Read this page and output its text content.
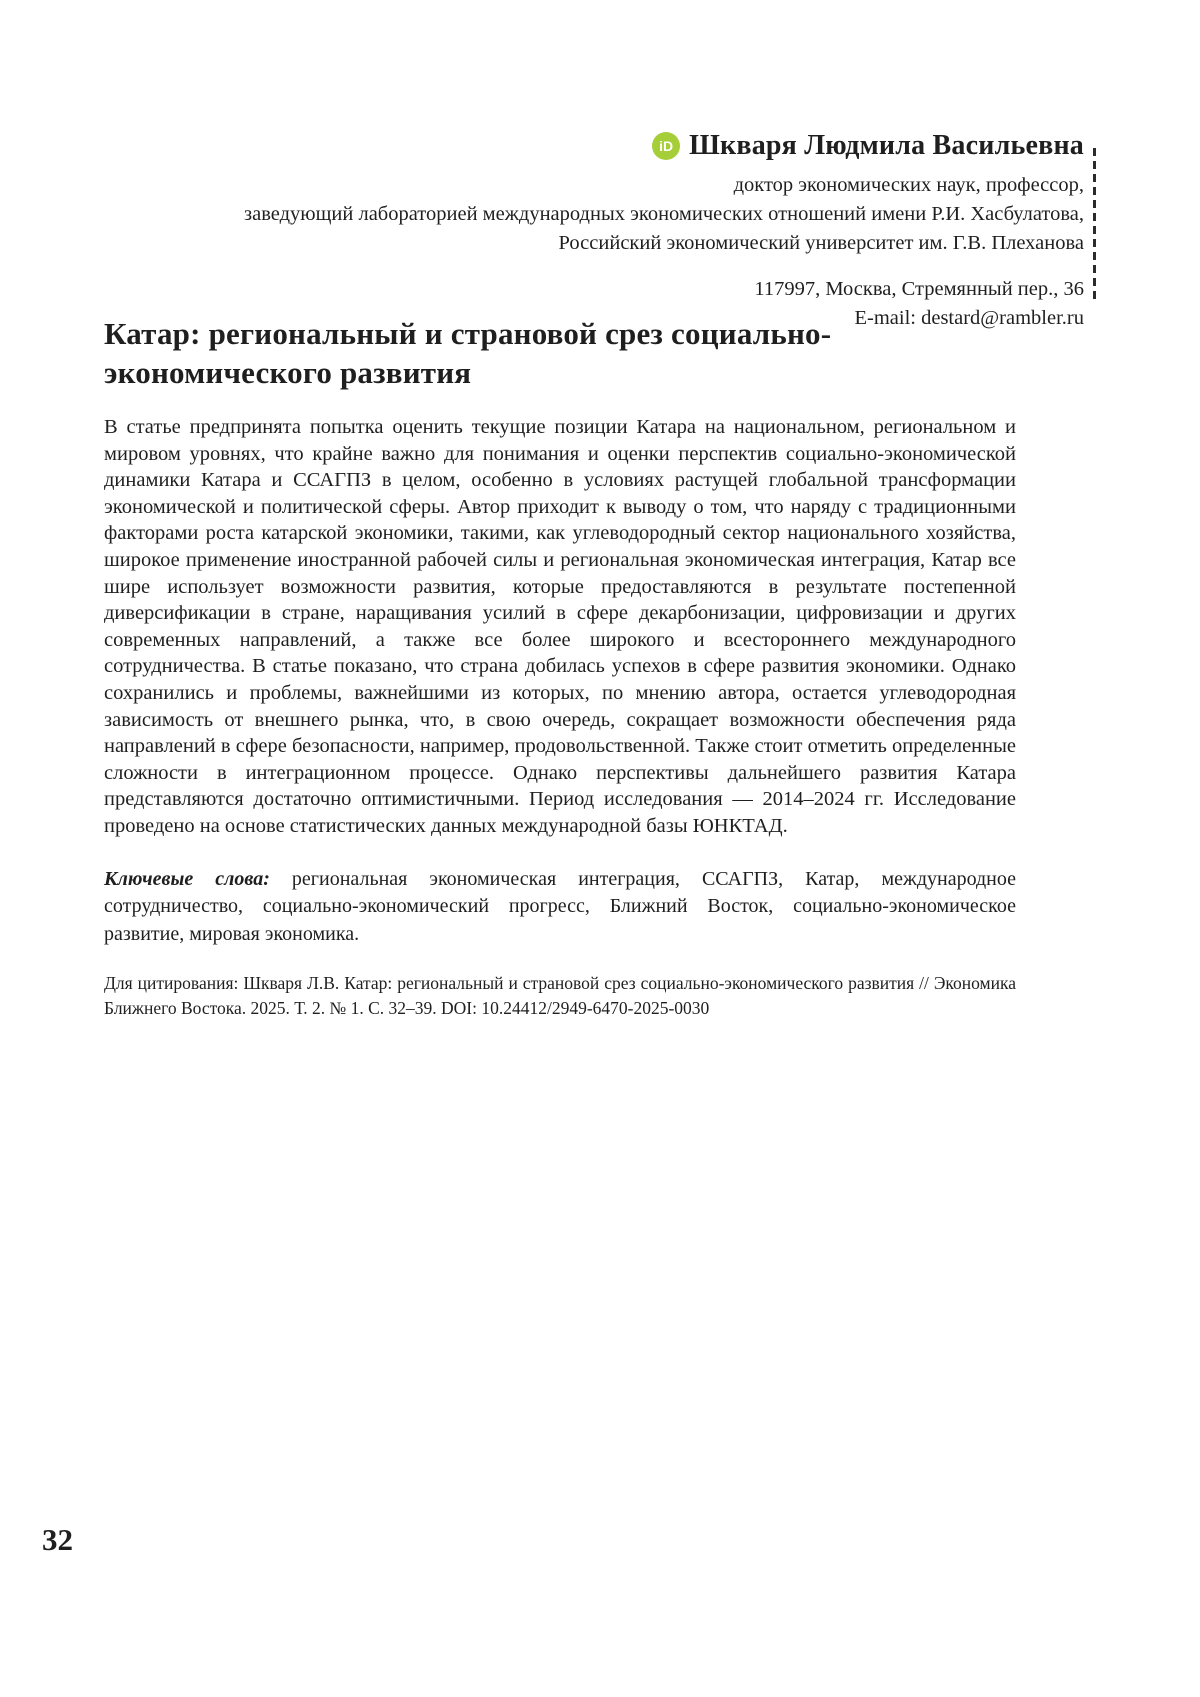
iD Шкваря Людмила Васильевна
доктор экономических наук, профессор,
заведующий лабораторией международных экономических отношений имени Р.И. Хасбулатова,
Российский экономический университет им. Г.В. Плеханова
117997, Москва, Стремянный пер., 36
E-mail: destard@rambler.ru
Катар: региональный и страновой срез социально-экономического развития

В статье предпринята попытка оценить текущие позиции Катара на национальном, региональном и мировом уровнях, что крайне важно для понимания и оценки перспектив социально-экономической динамики Катара и ССАГПЗ в целом, особенно в условиях растущей глобальной трансформации экономической и политической сферы. Автор приходит к выводу о том, что наряду с традиционными факторами роста катарской экономики, такими, как углеводородный сектор национального хозяйства, широкое применение иностранной рабочей силы и региональная экономическая интеграция, Катар все шире использует возможности развития, которые предоставляются в результате постепенной диверсификации в стране, наращивания усилий в сфере декарбонизации, цифровизации и других современных направлений, а также все более широкого и всестороннего международного сотрудничества. В статье показано, что страна добилась успехов в сфере развития экономики. Однако сохранились и проблемы, важнейшими из которых, по мнению автора, остается углеводородная зависимость от внешнего рынка, что, в свою очередь, сокращает возможности обеспечения ряда направлений в сфере безопасности, например, продовольственной. Также стоит отметить определенные сложности в интеграционном процессе. Однако перспективы дальнейшего развития Катара представляются достаточно оптимистичными. Период исследования — 2014–2024 гг. Исследование проведено на основе статистических данных международной базы ЮНКТАД.

Ключевые слова: региональная экономическая интеграция, ССАГПЗ, Катар, международное сотрудничество, социально-экономический прогресс, Ближний Восток, социально-экономическое развитие, мировая экономика.

Для цитирования: Шкваря Л.В. Катар: региональный и страновой срез социально-экономического развития // Экономика Ближнего Востока. 2025. Т. 2. № 1. С. 32–39. DOI: 10.24412/2949-6470-2025-0030

32
